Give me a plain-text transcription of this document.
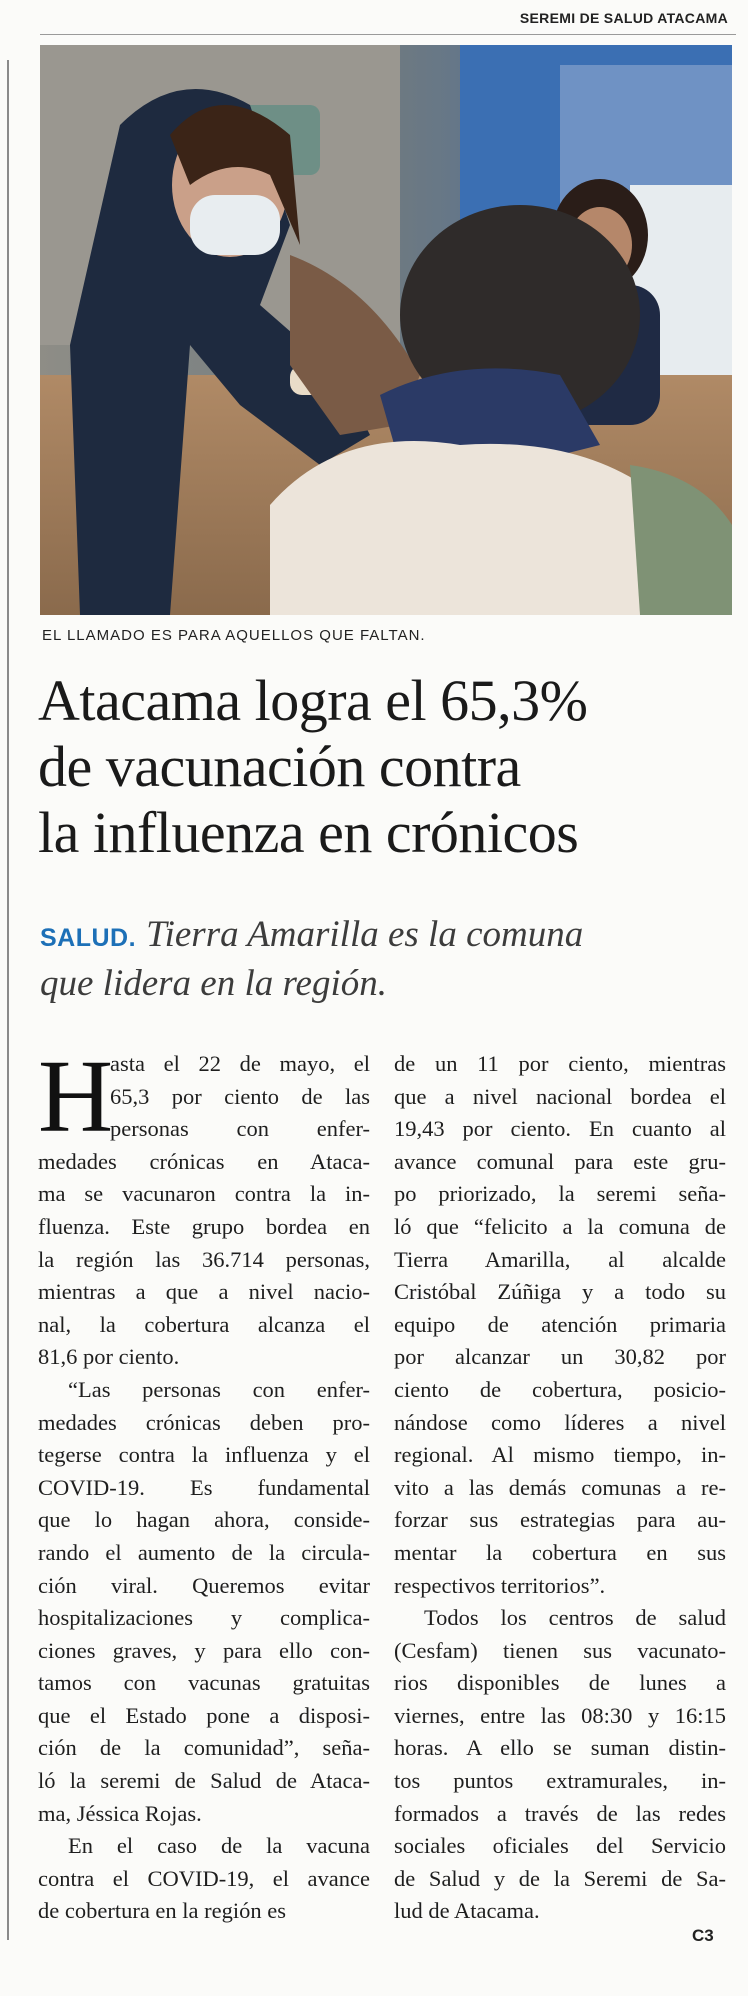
SEREMI DE SALUD ATACAMA
EL LLAMADO ES PARA AQUELLOS QUE FALTAN.
Atacama logra el 65,3%
de vacunación contra
la influenza en crónicos
SALUD. Tierra Amarilla es la comuna
que lidera en la región.
H
asta el 22 de mayo, el
65,3 por ciento de las
personas con enfer-
medades crónicas en Ataca-
ma se vacunaron contra la in-
fluenza. Este grupo bordea en
la región las 36.714 personas,
mientras a que a nivel nacio-
nal, la cobertura alcanza el
81,6 por ciento.
“Las personas con enfer-
medades crónicas deben pro-
tegerse contra la influenza y el
COVID-19. Es fundamental
que lo hagan ahora, conside-
rando el aumento de la circula-
ción viral. Queremos evitar
hospitalizaciones y complica-
ciones graves, y para ello con-
tamos con vacunas gratuitas
que el Estado pone a disposi-
ción de la comunidad”, seña-
ló la seremi de Salud de Ataca-
ma, Jéssica Rojas.
En el caso de la vacuna
contra el COVID-19, el avance
de cobertura en la región es
de un 11 por ciento, mientras
que a nivel nacional bordea el
19,43 por ciento. En cuanto al
avance comunal para este gru-
po priorizado, la seremi seña-
ló que “felicito a la comuna de
Tierra Amarilla, al alcalde
Cristóbal Zúñiga y a todo su
equipo de atención primaria
por alcanzar un 30,82 por
ciento de cobertura, posicio-
nándose como líderes a nivel
regional. Al mismo tiempo, in-
vito a las demás comunas a re-
forzar sus estrategias para au-
mentar la cobertura en sus
respectivos territorios”.
Todos los centros de salud
(Cesfam) tienen sus vacunato-
rios disponibles de lunes a
viernes, entre las 08:30 y 16:15
horas. A ello se suman distin-
tos puntos extramurales, in-
formados a través de las redes
sociales oficiales del Servicio
de Salud y de la Seremi de Sa-
lud de Atacama.
C3
